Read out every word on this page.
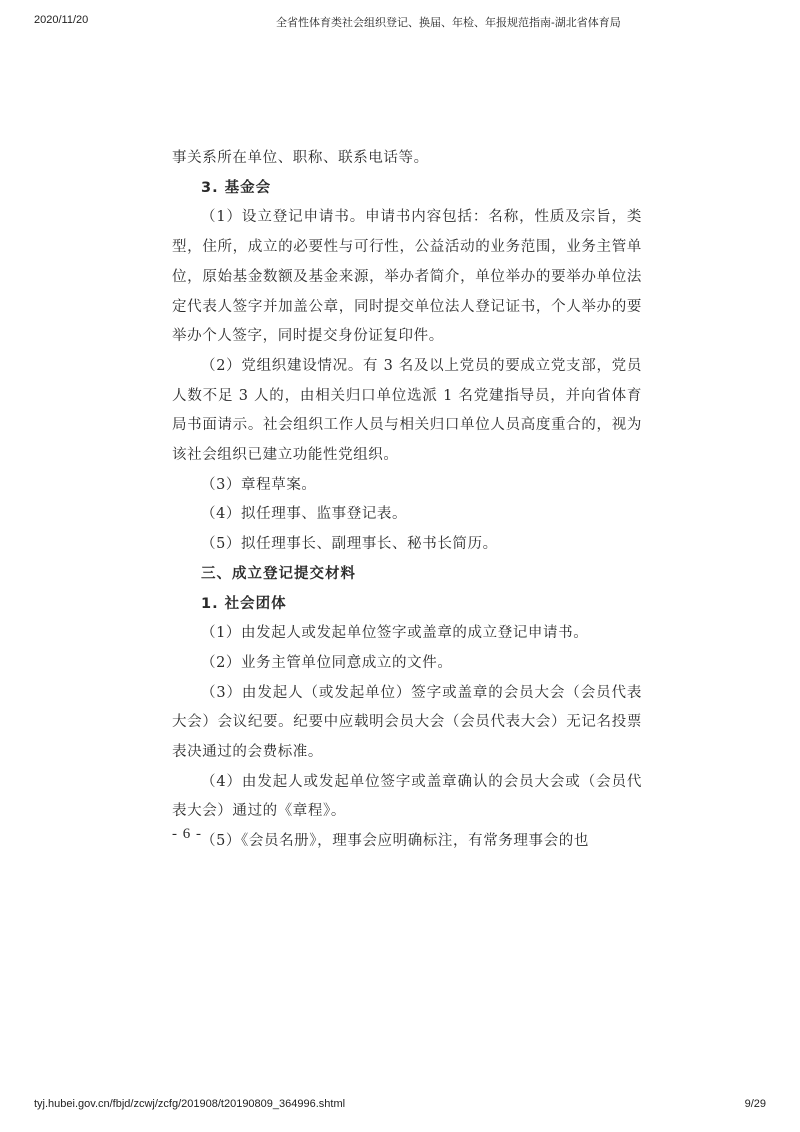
2020/11/20	全省性体育类社会组织登记、换届、年检、年报规范指南-湖北省体育局

事关系所在单位、职称、联系电话等。

3. 基金会

（1）设立登记申请书。申请书内容包括：名称，性质及宗旨，类型，住所，成立的必要性与可行性，公益活动的业务范围，业务主管单位，原始基金数额及基金来源，举办者简介，单位举办的要举办单位法定代表人签字并加盖公章，同时提交单位法人登记证书，个人举办的要举办个人签字，同时提交身份证复印件。

（2）党组织建设情况。有 3 名及以上党员的要成立党支部，党员人数不足 3 人的，由相关归口单位选派 1 名党建指导员，并向省体育局书面请示。社会组织工作人员与相关归口单位人员高度重合的，视为该社会组织已建立功能性党组织。

（3）章程草案。

（4）拟任理事、监事登记表。

（5）拟任理事长、副理事长、秘书长简历。

三、成立登记提交材料

1. 社会团体

（1）由发起人或发起单位签字或盖章的成立登记申请书。

（2）业务主管单位同意成立的文件。

（3）由发起人（或发起单位）签字或盖章的会员大会（会员代表大会）会议纪要。纪要中应载明会员大会（会员代表大会）无记名投票表决通过的会费标准。

（4）由发起人或发起单位签字或盖章确认的会员大会或（会员代表大会）通过的《章程》。

（5）《会员名册》，理事会应明确标注，有常务理事会的也

- 6 -
tyj.hubei.gov.cn/fbjd/zcwj/zcfg/201908/t20190809_364996.shtml	9/29
